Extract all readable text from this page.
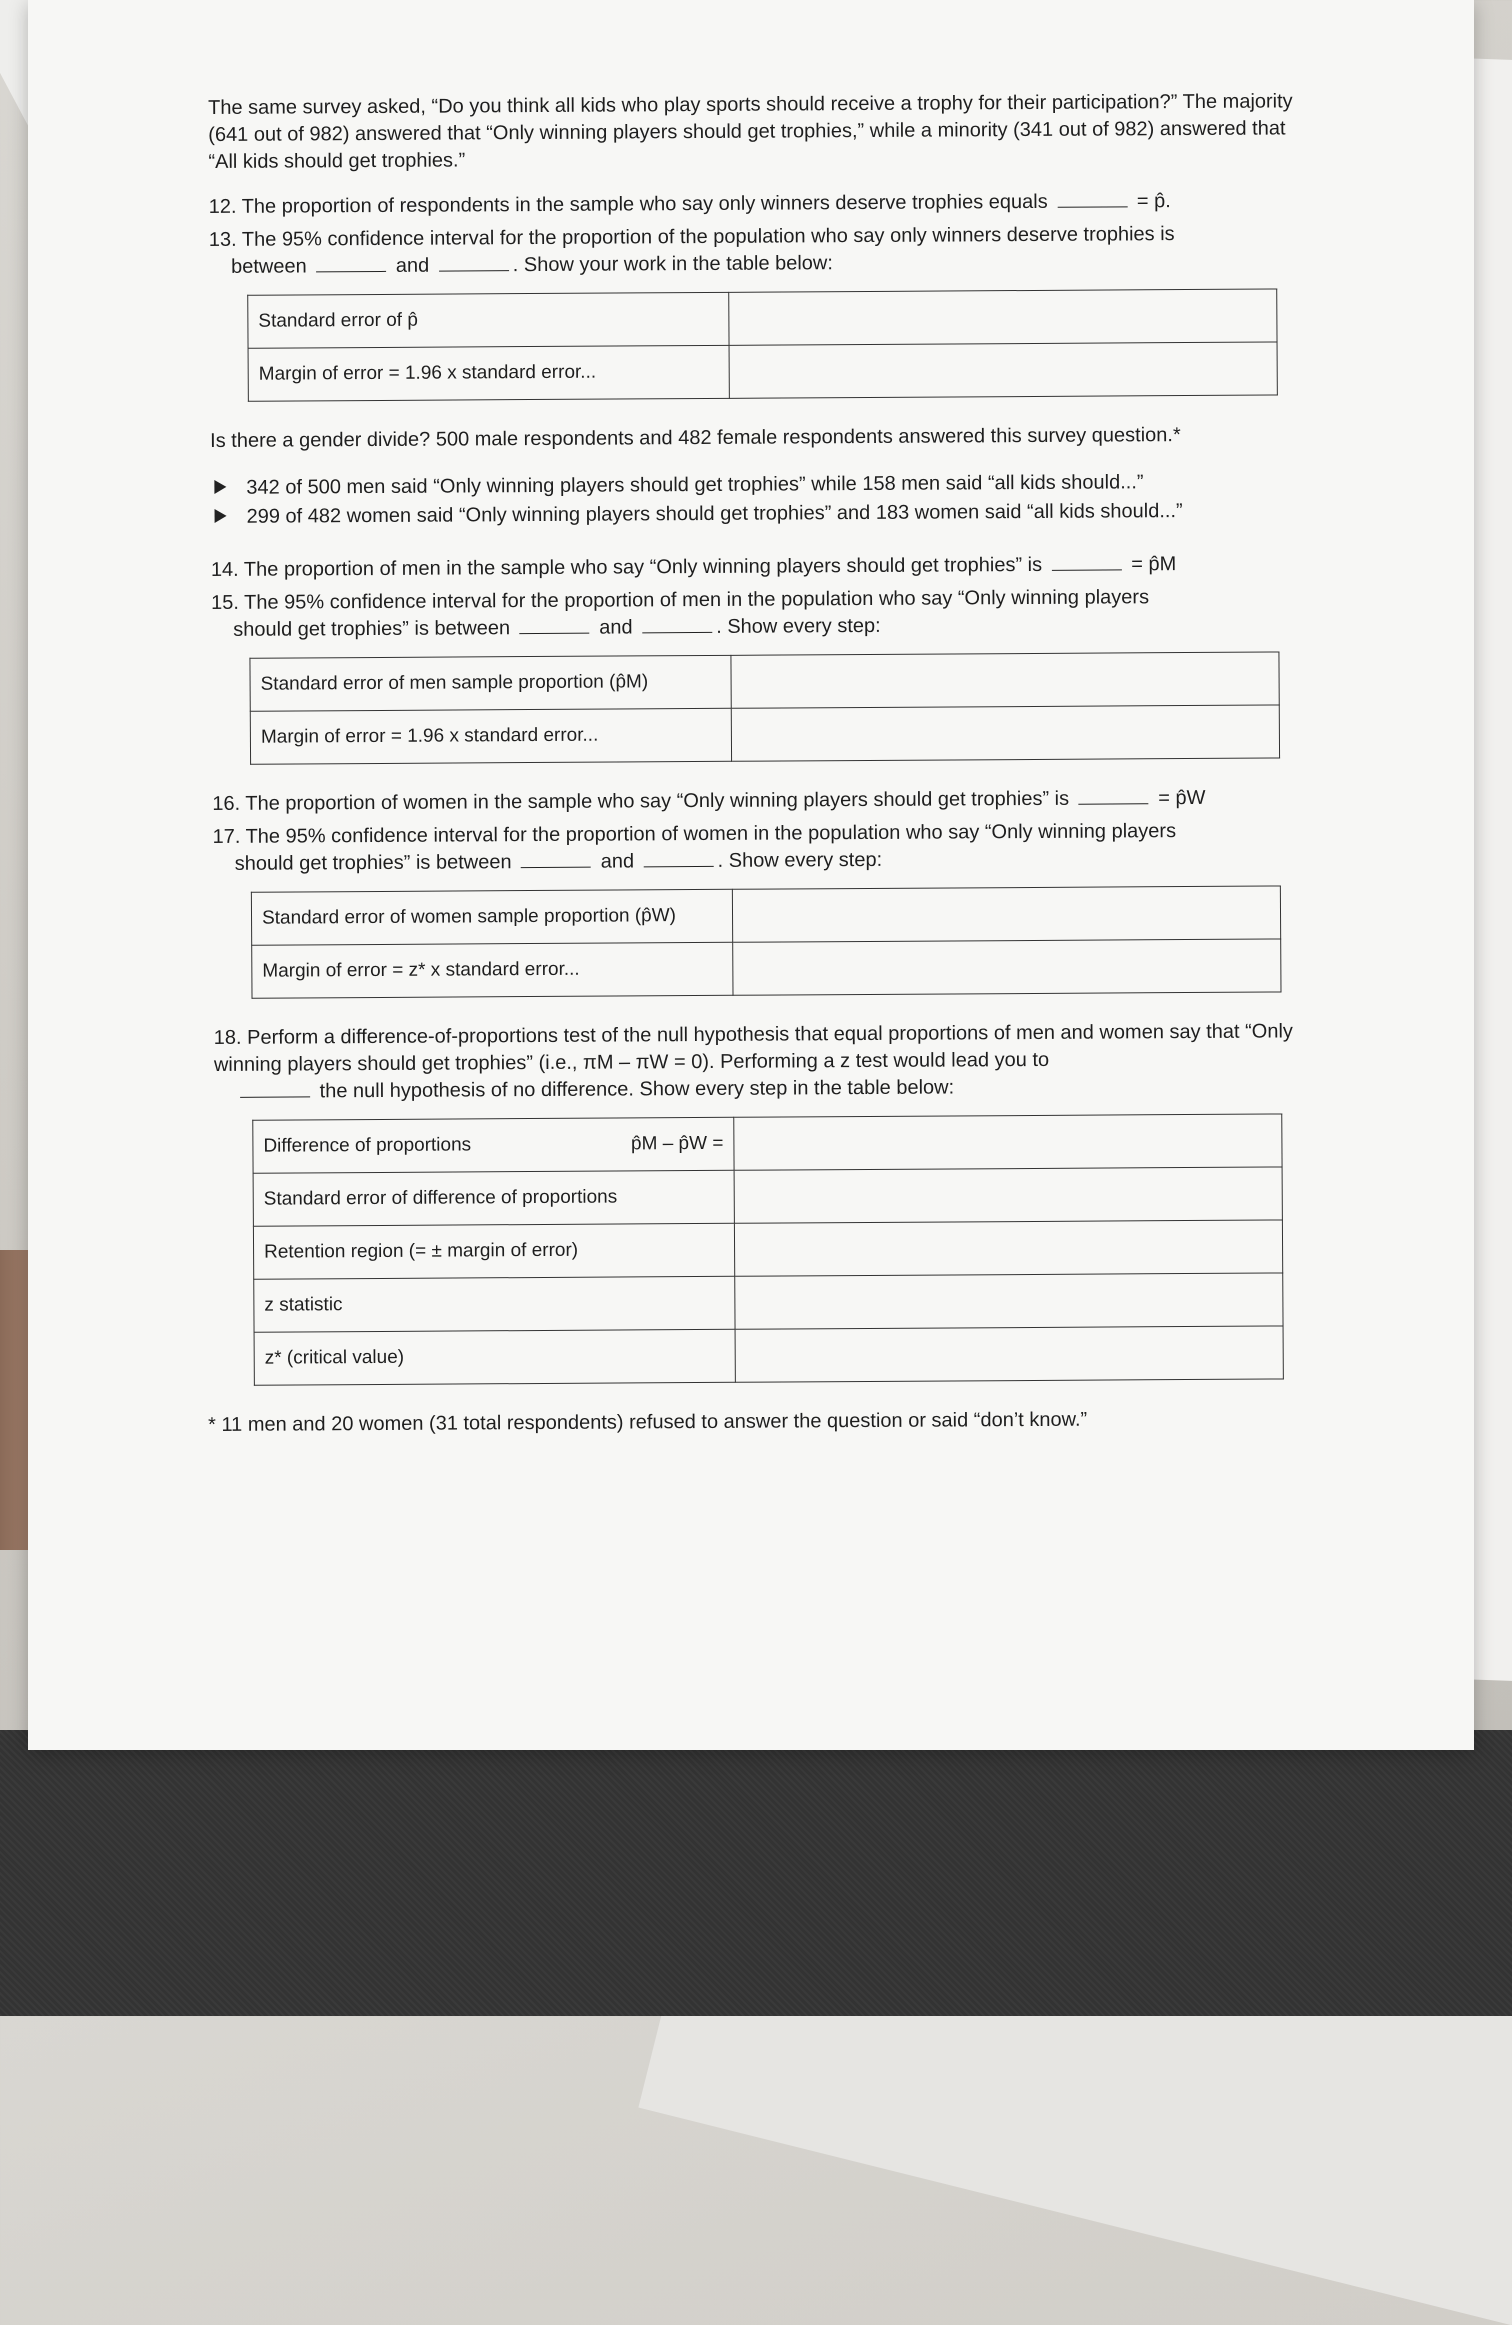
The same survey asked, “Do you think all kids who play sports should receive a trophy for their participation?” The majority (641 out of 982) answered that “Only winning players should get trophies,” while a minority (341 out of 982) answered that “All kids should get trophies.”

12. The proportion of respondents in the sample who say only winners deserve trophies equals	= p̂.

13. The 95% confidence interval for the proportion of the population who say only winners deserve trophies is
between	and	. Show your work in the table below:

Standard error of p̂	
Margin of error = 1.96 x standard error...	

Is there a gender divide? 500 male respondents and 482 female respondents answered this survey question.*

342 of 500 men said “Only winning players should get trophies” while 158 men said “all kids should...”
299 of 482 women said “Only winning players should get trophies” and 183 women said “all kids should...”

14. The proportion of men in the sample who say “Only winning players should get trophies” is	= p̂M

15. The 95% confidence interval for the proportion of men in the population who say “Only winning players
should get trophies” is between	and	. Show every step:

Standard error of men sample proportion (p̂M)	
Margin of error = 1.96 x standard error...	

16. The proportion of women in the sample who say “Only winning players should get trophies” is	= p̂W

17. The 95% confidence interval for the proportion of women in the population who say “Only winning players
should get trophies” is between	and	. Show every step:

Standard error of women sample proportion (p̂W)	
Margin of error = z* x standard error...	

18. Perform a difference-of-proportions test of the null hypothesis that equal proportions of men and women say that “Only winning players should get trophies” (i.e., πM – πW = 0). Performing a z test would lead you to
the null hypothesis of no difference. Show every step in the table below:

Difference of proportions p̂M – p̂W =	

Standard error of difference of proportions	
Retention region (= ± margin of error)	
z statistic	
z* (critical value)	

* 11 men and 20 women (31 total respondents) refused to answer the question or said “don’t know.”
